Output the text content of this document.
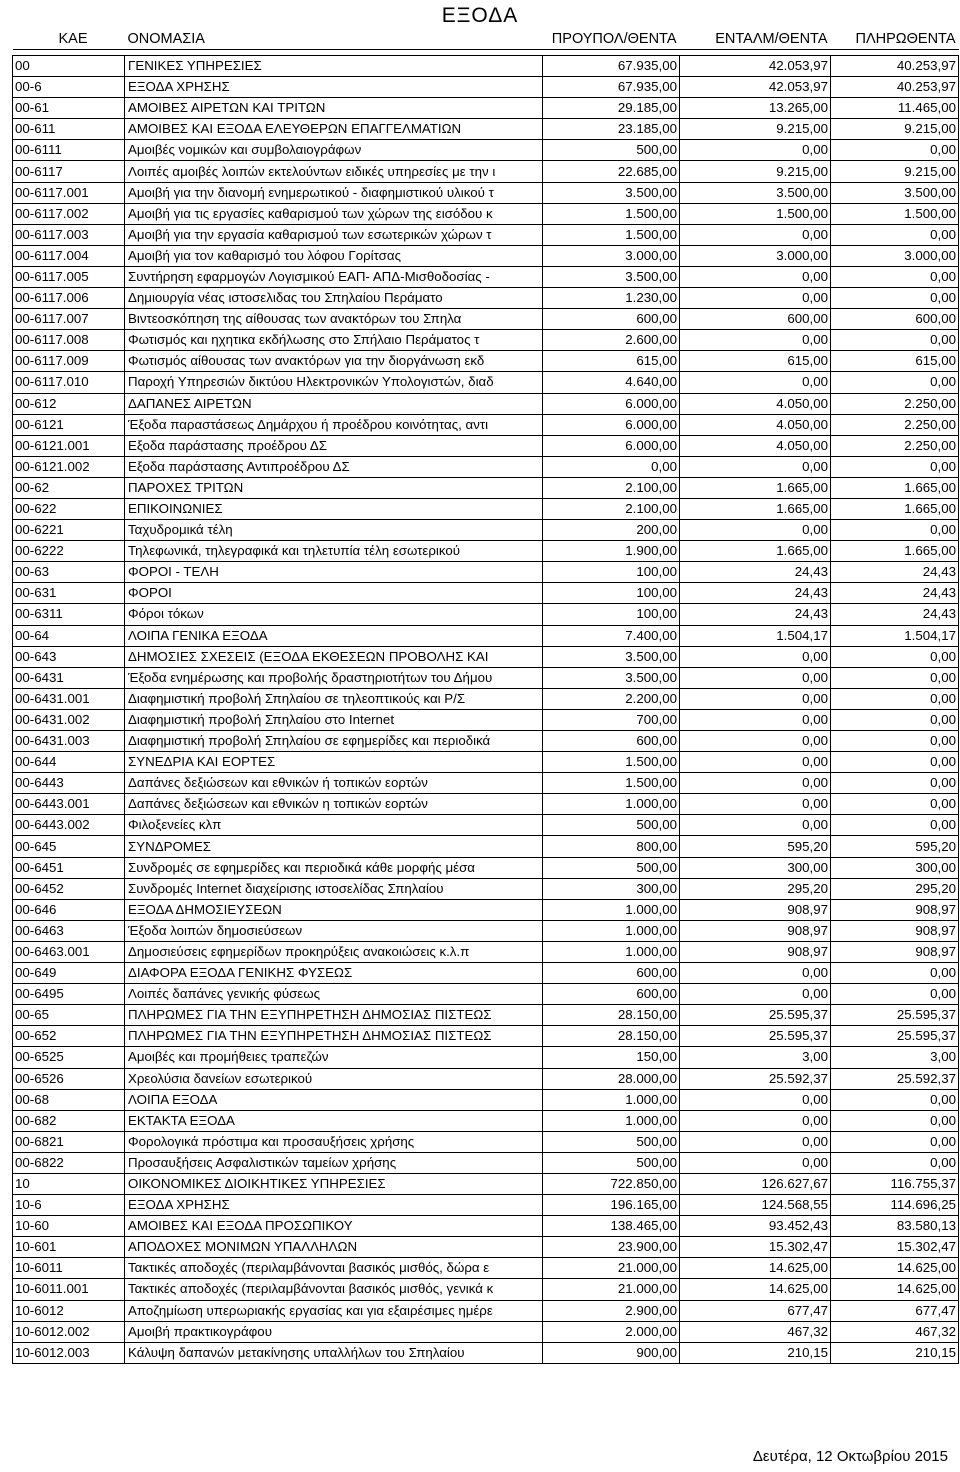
ΕΞΟΔΑ
ΚΑΕ	ΟΝΟΜΑΣΙΑ	ΠΡΟΥΠΟΛ/ΘΕΝΤΑ	ΕΝΤΑΛΜ/ΘΕΝΤΑ	ΠΛΗΡΩΘΕΝΤΑ

00	ΓΕΝΙΚΕΣ ΥΠΗΡΕΣΙΕΣ	67.935,00	42.053,97	40.253,97
00-6	ΕΞΟΔΑ ΧΡΗΣΗΣ	67.935,00	42.053,97	40.253,97
00-61	ΑΜΟΙΒΕΣ ΑΙΡΕΤΩΝ ΚΑΙ ΤΡΙΤΩΝ	29.185,00	13.265,00	11.465,00
00-611	ΑΜΟΙΒΕΣ ΚΑΙ ΕΞΟΔΑ ΕΛΕΥΘΕΡΩΝ ΕΠΑΓΓΕΛΜΑΤΙΩΝ	23.185,00	9.215,00	9.215,00
00-6111	Αμοιβές νομικών και συμβολαιογράφων	500,00	0,00	0,00
00-6117	Λοιπές αμοιβές λοιπών εκτελούντων ειδικές υπηρεσίες με την ι	22.685,00	9.215,00	9.215,00
00-6117.001	Αμοιβή για την διανομή ενημερωτικού - διαφημιστικού υλικού τ	3.500,00	3.500,00	3.500,00
00-6117.002	Αμοιβή για τις εργασίες καθαρισμού των χώρων της εισόδου κ	1.500,00	1.500,00	1.500,00
00-6117.003	Αμοιβή για την εργασία καθαρισμού των εσωτερικών χώρων τ	1.500,00	0,00	0,00
00-6117.004	Αμοιβή για τον καθαρισμό του λόφου Γορίτσας	3.000,00	3.000,00	3.000,00
00-6117.005	Συντήρηση εφαρμογών Λογισμικού ΕΑΠ- ΑΠΔ-Μισθοδοσίας -	3.500,00	0,00	0,00
00-6117.006	Δημιουργία νέας ιστοσελιδας του Σπηλαίου Περάματο	1.230,00	0,00	0,00
00-6117.007	Βιντεοσκόπηση της αίθουσας των ανακτόρων του Σπηλα	600,00	600,00	600,00
00-6117.008	Φωτισμός και ηχητικα εκδήλωσης στο Σπήλαιο Περάματος τ	2.600,00	0,00	0,00
00-6117.009	Φωτισμός αίθουσας των ανακτόρων για την διοργάνωση εκδ	615,00	615,00	615,00
00-6117.010	Παροχή Υπηρεσιών δικτύου Ηλεκτρονικών Υπολογιστών, διαδ	4.640,00	0,00	0,00
00-612	ΔΑΠΑΝΕΣ ΑΙΡΕΤΩΝ	6.000,00	4.050,00	2.250,00
00-6121	Έξοδα παραστάσεως Δημάρχου ή προέδρου κοινότητας, αντι	6.000,00	4.050,00	2.250,00
00-6121.001	Εξοδα παράστασης προέδρου ΔΣ	6.000,00	4.050,00	2.250,00
00-6121.002	Εξοδα παράστασης Αντιπροέδρου ΔΣ	0,00	0,00	0,00
00-62	ΠΑΡΟΧΕΣ ΤΡΙΤΩΝ	2.100,00	1.665,00	1.665,00
00-622	ΕΠΙΚΟΙΝΩΝΙΕΣ	2.100,00	1.665,00	1.665,00
00-6221	Ταχυδρομικά τέλη	200,00	0,00	0,00
00-6222	Τηλεφωνικά, τηλεγραφικά και τηλετυπία τέλη εσωτερικού	1.900,00	1.665,00	1.665,00
00-63	ΦΟΡΟΙ - ΤΕΛΗ	100,00	24,43	24,43
00-631	ΦΟΡΟΙ	100,00	24,43	24,43
00-6311	Φόροι τόκων	100,00	24,43	24,43
00-64	ΛΟΙΠΑ ΓΕΝΙΚΑ ΕΞΟΔΑ	7.400,00	1.504,17	1.504,17
00-643	ΔΗΜΟΣΙΕΣ ΣΧΕΣΕΙΣ (ΕΞΟΔΑ ΕΚΘΕΣΕΩΝ ΠΡΟΒΟΛΗΣ ΚΑΙ	3.500,00	0,00	0,00
00-6431	Έξοδα ενημέρωσης και προβολής δραστηριοτήτων του Δήμου	3.500,00	0,00	0,00
00-6431.001	Διαφημιστική προβολή Σπηλαίου σε τηλεοπτικούς και Ρ/Σ	2.200,00	0,00	0,00
00-6431.002	Διαφημιστική προβολή Σπηλαίου στο Internet	700,00	0,00	0,00
00-6431.003	Διαφημιστική προβολή Σπηλαίου σε εφημερίδες και περιοδικά	600,00	0,00	0,00
00-644	ΣΥΝΕΔΡΙΑ ΚΑΙ ΕΟΡΤΕΣ	1.500,00	0,00	0,00
00-6443	Δαπάνες δεξιώσεων και εθνικών ή τοπικών εορτών	1.500,00	0,00	0,00
00-6443.001	Δαπάνες δεξιώσεων και εθνικών η τοπικών εορτών	1.000,00	0,00	0,00
00-6443.002	Φιλοξενείες κλπ	500,00	0,00	0,00
00-645	ΣΥΝΔΡΟΜΕΣ	800,00	595,20	595,20
00-6451	Συνδρομές σε εφημερίδες και περιοδικά κάθε μορφής μέσα	500,00	300,00	300,00
00-6452	Συνδρομές Internet διαχείρισης ιστοσελίδας Σπηλαίου	300,00	295,20	295,20
00-646	ΕΞΟΔΑ ΔΗΜΟΣΙΕΥΣΕΩΝ	1.000,00	908,97	908,97
00-6463	Έξοδα λοιπών δημοσιεύσεων	1.000,00	908,97	908,97
00-6463.001	Δημοσιεύσεις εφημερίδων προκηρύξεις ανακοιώσεις κ.λ.π	1.000,00	908,97	908,97
00-649	ΔΙΑΦΟΡΑ ΕΞΟΔΑ ΓΕΝΙΚΗΣ ΦΥΣΕΩΣ	600,00	0,00	0,00
00-6495	Λοιπές δαπάνες γενικής φύσεως	600,00	0,00	0,00
00-65	ΠΛΗΡΩΜΕΣ ΓΙΑ ΤΗΝ ΕΞΥΠΗΡΕΤΗΣΗ ΔΗΜΟΣΙΑΣ ΠΙΣΤΕΩΣ	28.150,00	25.595,37	25.595,37
00-652	ΠΛΗΡΩΜΕΣ ΓΙΑ ΤΗΝ ΕΞΥΠΗΡΕΤΗΣΗ ΔΗΜΟΣΙΑΣ ΠΙΣΤΕΩΣ	28.150,00	25.595,37	25.595,37
00-6525	Αμοιβές και προμήθειες τραπεζών	150,00	3,00	3,00
00-6526	Χρεολύσια δανείων εσωτερικού	28.000,00	25.592,37	25.592,37
00-68	ΛΟΙΠΑ ΕΞΟΔΑ	1.000,00	0,00	0,00
00-682	ΕΚΤΑΚΤΑ ΕΞΟΔΑ	1.000,00	0,00	0,00
00-6821	Φορολογικά πρόστιμα και προσαυξήσεις χρήσης	500,00	0,00	0,00
00-6822	Προσαυξήσεις Ασφαλιστικών ταμείων χρήσης	500,00	0,00	0,00
10	ΟΙΚΟΝΟΜΙΚΕΣ ΔΙΟΙΚΗΤΙΚΕΣ ΥΠΗΡΕΣΙΕΣ	722.850,00	126.627,67	116.755,37
10-6	ΕΞΟΔΑ ΧΡΗΣΗΣ	196.165,00	124.568,55	114.696,25
10-60	ΑΜΟΙΒΕΣ ΚΑΙ ΕΞΟΔΑ ΠΡΟΣΩΠΙΚΟΥ	138.465,00	93.452,43	83.580,13
10-601	ΑΠΟΔΟΧΕΣ ΜΟΝΙΜΩΝ ΥΠΑΛΛΗΛΩΝ	23.900,00	15.302,47	15.302,47
10-6011	Τακτικές αποδοχές (περιλαμβάνονται βασικός μισθός, δώρα ε	21.000,00	14.625,00	14.625,00
10-6011.001	Τακτικές αποδοχές (περιλαμβάνονται βασικός μισθός, γενικά κ	21.000,00	14.625,00	14.625,00
10-6012	Αποζημίωση υπερωριακής εργασίας και για εξαιρέσιμες ημέρε	2.900,00	677,47	677,47
10-6012.002	Αμοιβή πρακτικογράφου	2.000,00	467,32	467,32
10-6012.003	Κάλυψη δαπανών μετακίνησης υπαλλήλων του Σπηλαίου	900,00	210,15	210,15
Δευτέρα, 12 Οκτωβρίου 2015
